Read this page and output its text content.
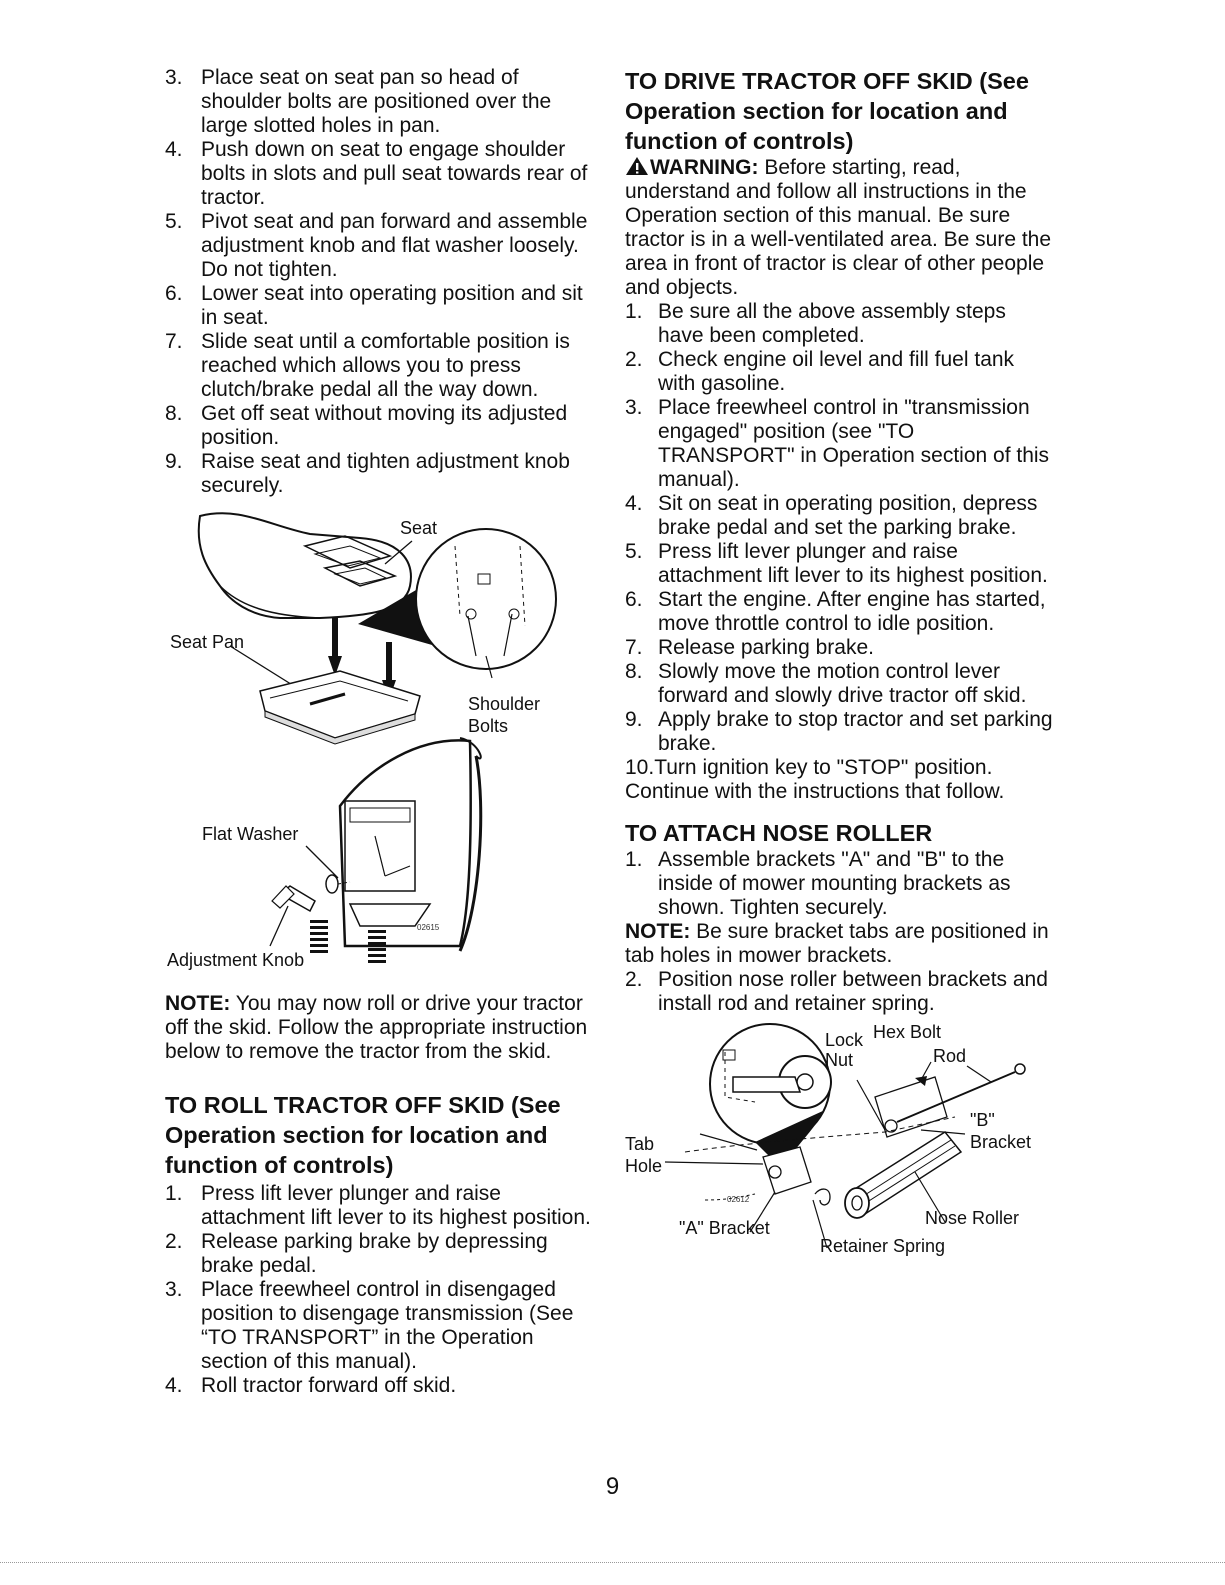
3. Place seat on seat pan so head of shoulder bolts are positioned over the large slotted holes in pan.
4. Push down on seat to engage shoulder bolts in slots and pull seat towards rear of tractor.
5. Pivot seat and pan forward and assemble adjustment knob and flat washer loosely. Do not tighten.
6. Lower seat into operating position and sit in seat.
7. Slide seat until a comfortable position is reached which allows you to press clutch/brake pedal all the way down.
8. Get off seat without moving its adjusted position.
9. Raise seat and tighten adjustment knob securely.
02615
Seat
Seat Pan
Shoulder
Bolts
Flat Washer
Adjustment Knob

NOTE: You may now roll or drive your tractor off the skid. Follow the appropriate instruction below to remove the tractor from the skid.

TO ROLL TRACTOR OFF SKID (See Operation section for location and function of controls)
1. Press lift lever plunger and raise attachment lift lever to its highest position.
2. Release parking brake by depressing brake pedal.
3. Place freewheel control in disengaged position to disengage transmission (See “TO TRANSPORT” in the Operation section of this manual).
4. Roll tractor forward off skid.
TO DRIVE TRACTOR OFF SKID (See Operation section for location and function of controls)

WARNING: Before starting, read, understand and follow all instructions in the Operation section of this manual. Be sure tractor is in a well-ventilated area. Be sure the area in front of tractor is clear of other people and objects.

1. Be sure all the above assembly steps have been completed.
2. Check engine oil level and fill fuel tank with gasoline.
3. Place freewheel control in "transmission engaged" position (see "TO TRANSPORT" in Operation section of this manual).
4. Sit on seat in operating position, depress brake pedal and set the parking brake.
5. Press lift lever plunger and raise attachment lift lever to its highest position.
6. Start the engine. After engine has started, move throttle control to idle position.
7. Release parking brake.
8. Slowly move the motion control lever forward and slowly drive tractor off skid.
9. Apply brake to stop tractor and set parking brake.
10.Turn ignition key to "STOP" position.

Continue with the instructions that follow.

TO ATTACH NOSE ROLLER
1. Assemble brackets "A" and "B" to the inside of mower mounting brackets as shown. Tighten securely.

NOTE: Be sure bracket tabs are positioned in tab holes in mower brackets.

2. Position nose roller between brackets and install rod and retainer spring.
02612
Lock
Nut
Hex Bolt
Rod
"B"
Bracket
Tab
Hole
"A" Bracket	Nose Roller
Retainer Spring
9
